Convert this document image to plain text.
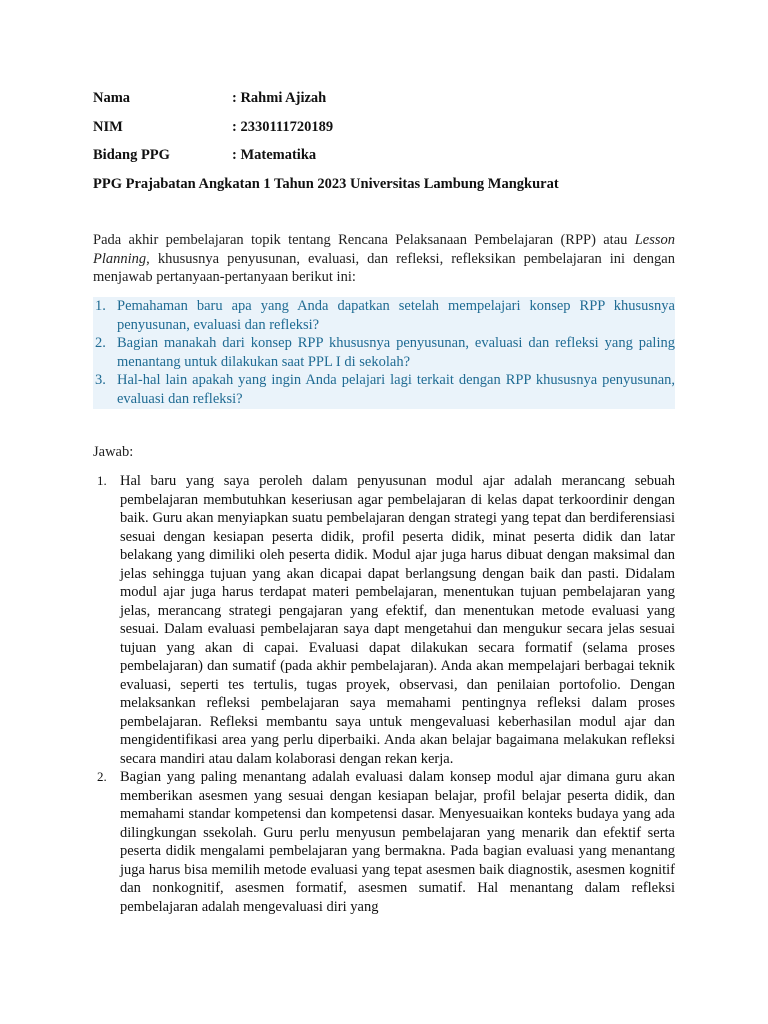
Nama	: Rahmi Ajizah
NIM	: 2330111720189
Bidang PPG	: Matematika
PPG Prajabatan Angkatan 1 Tahun 2023 Universitas Lambung Mangkurat
Pada akhir pembelajaran topik tentang Rencana Pelaksanaan Pembelajaran (RPP) atau Lesson Planning, khususnya penyusunan, evaluasi, dan refleksi, refleksikan pembelajaran ini dengan menjawab pertanyaan-pertanyaan berikut ini:
1. Pemahaman baru apa yang Anda dapatkan setelah mempelajari konsep RPP khususnya penyusunan, evaluasi dan refleksi?
2. Bagian manakah dari konsep RPP khususnya penyusunan, evaluasi dan refleksi yang paling menantang untuk dilakukan saat PPL I di sekolah?
3. Hal-hal lain apakah yang ingin Anda pelajari lagi terkait dengan RPP khususnya penyusunan, evaluasi dan refleksi?
Jawab:
1. Hal baru yang saya peroleh dalam penyusunan modul ajar adalah merancang sebuah pembelajaran membutuhkan keseriusan agar pembelajaran di kelas dapat terkoordinir dengan baik. Guru akan menyiapkan suatu pembelajaran dengan strategi yang tepat dan berdiferensiasi sesuai dengan kesiapan peserta didik, profil peserta didik, minat peserta didik dan latar belakang yang dimiliki oleh peserta didik. Modul ajar juga harus dibuat dengan maksimal dan jelas sehingga tujuan yang akan dicapai dapat berlangsung dengan baik dan pasti. Didalam modul ajar juga harus terdapat materi pembelajaran, menentukan tujuan pembelajaran yang jelas, merancang strategi pengajaran yang efektif, dan menentukan metode evaluasi yang sesuai. Dalam evaluasi pembelajaran saya dapt mengetahui dan mengukur secara jelas sesuai tujuan yang akan di capai. Evaluasi dapat dilakukan secara formatif (selama proses pembelajaran) dan sumatif (pada akhir pembelajaran). Anda akan mempelajari berbagai teknik evaluasi, seperti tes tertulis, tugas proyek, observasi, dan penilaian portofolio. Dengan melaksankan refleksi pembelajaran saya memahami pentingnya refleksi dalam proses pembelajaran. Refleksi membantu saya untuk mengevaluasi keberhasilan modul ajar dan mengidentifikasi area yang perlu diperbaiki. Anda akan belajar bagaimana melakukan refleksi secara mandiri atau dalam kolaborasi dengan rekan kerja.
2. Bagian yang paling menantang adalah evaluasi dalam konsep modul ajar dimana guru akan memberikan asesmen yang sesuai dengan kesiapan belajar, profil belajar peserta didik, dan memahami standar kompetensi dan kompetensi dasar. Menyesuaikan konteks budaya yang ada dilingkungan ssekolah. Guru perlu menyusun pembelajaran yang menarik dan efektif serta peserta didik mengalami pembelajaran yang bermakna. Pada bagian evaluasi yang menantang juga harus bisa memilih metode evaluasi yang tepat asesmen baik diagnostik, asesmen kognitif dan nonkognitif, asesmen formatif, asesmen sumatif. Hal menantang dalam refleksi pembelajaran adalah mengevaluasi diri yang
